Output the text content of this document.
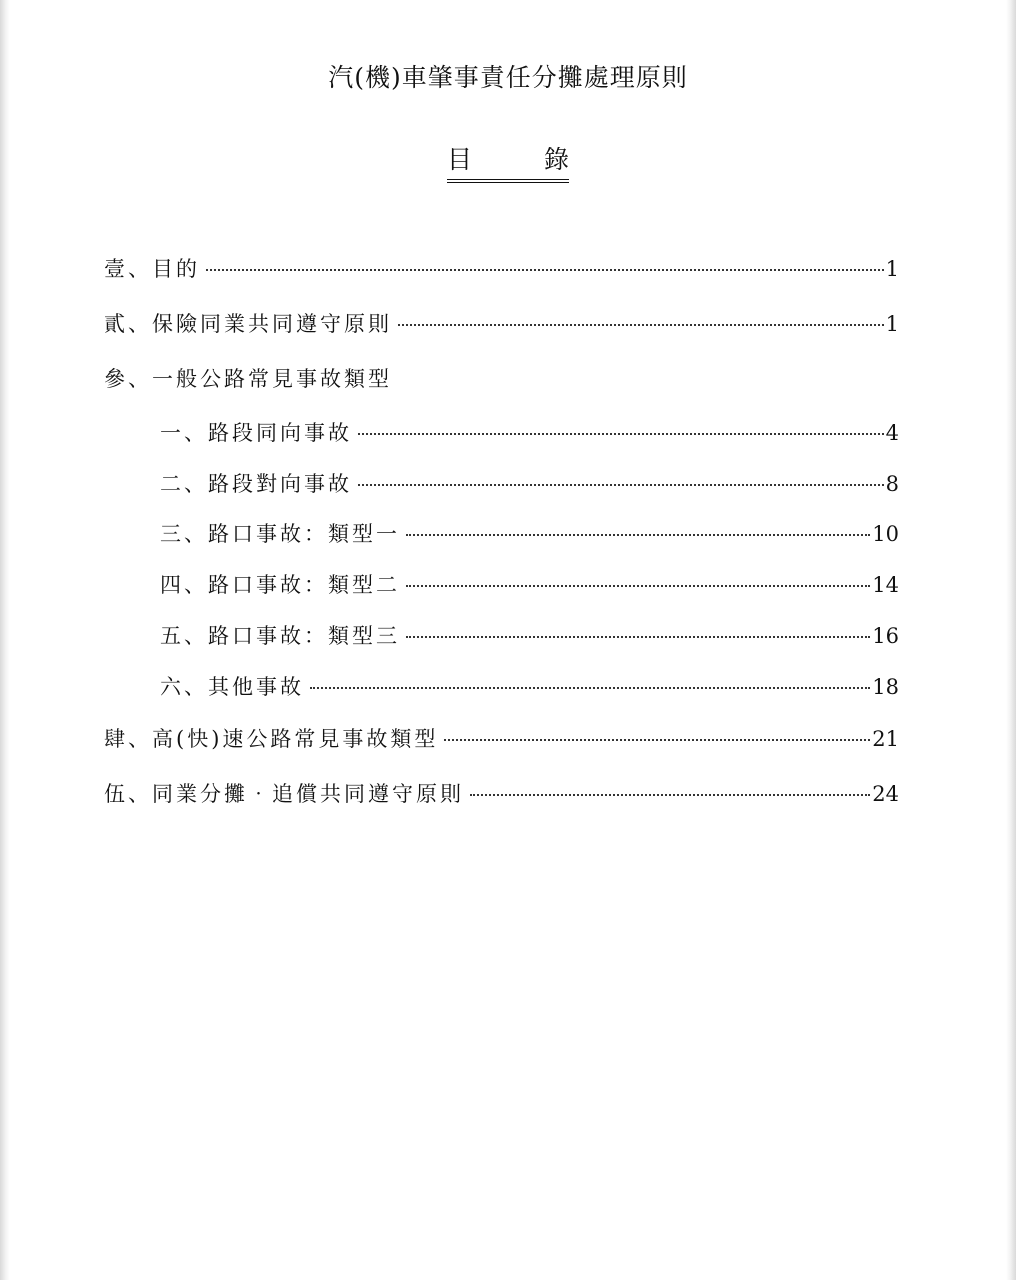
汽(機)車肇事責任分攤處理原則
目	錄
壹、目的	1
貳、保險同業共同遵守原則	1
參、一般公路常見事故類型
一、路段同向事故	4
二、路段對向事故	8
三、路口事故：類型一	10
四、路口事故：類型二	14
五、路口事故：類型三	16
六、其他事故	18
肆、高(快)速公路常見事故類型	21
伍、同業分攤‧追償共同遵守原則	24
